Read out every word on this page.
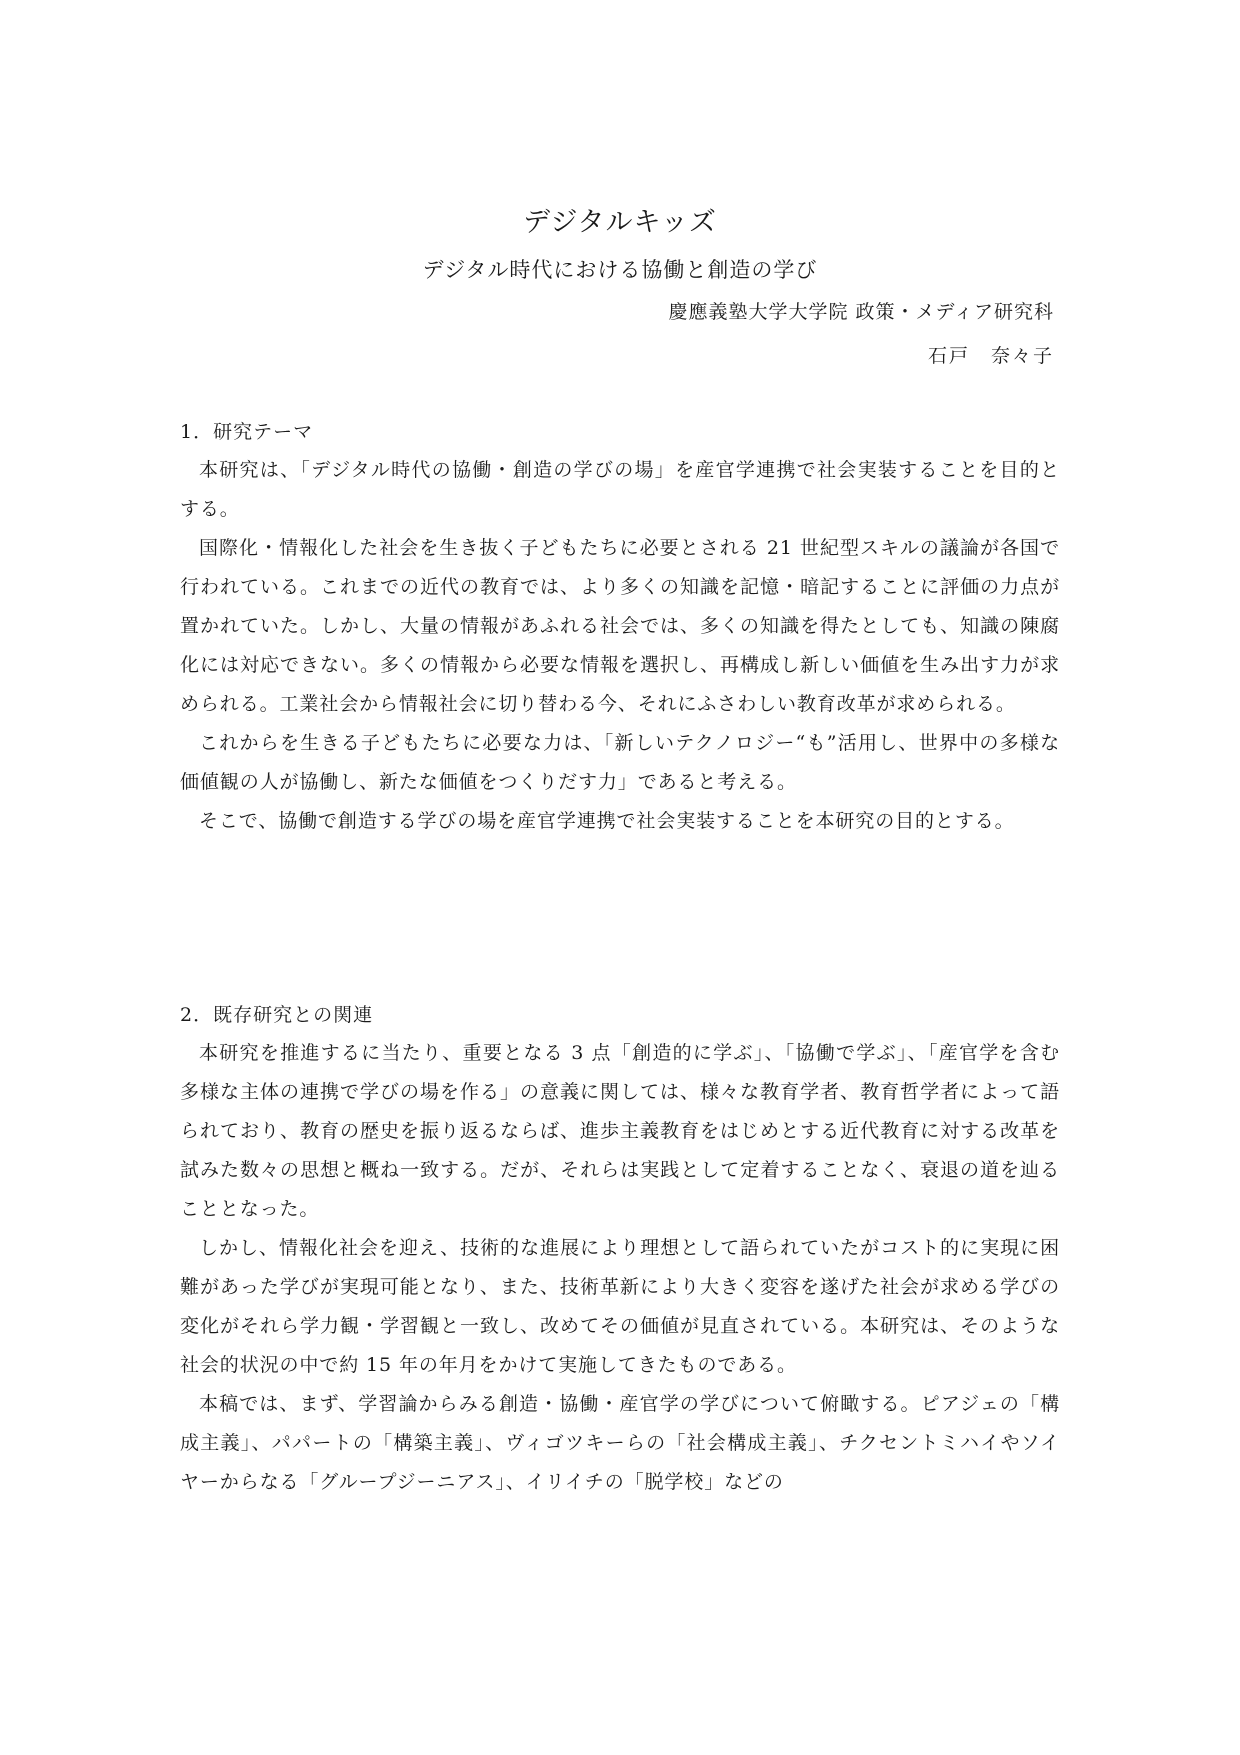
デジタルキッズ
デジタル時代における協働と創造の学び
慶應義塾大学大学院 政策・メディア研究科
石戸　奈々子
1．研究テーマ

本研究は、「デジタル時代の協働・創造の学びの場」を産官学連携で社会実装することを目的とする。

国際化・情報化した社会を生き抜く子どもたちに必要とされる 21 世紀型スキルの議論が各国で行われている。これまでの近代の教育では、より多くの知識を記憶・暗記することに評価の力点が置かれていた。しかし、大量の情報があふれる社会では、多くの知識を得たとしても、知識の陳腐化には対応できない。多くの情報から必要な情報を選択し、再構成し新しい価値を生み出す力が求められる。工業社会から情報社会に切り替わる今、それにふさわしい教育改革が求められる。

これからを生きる子どもたちに必要な力は、「新しいテクノロジー“も”活用し、世界中の多様な価値観の人が協働し、新たな価値をつくりだす力」であると考える。

そこで、協働で創造する学びの場を産官学連携で社会実装することを本研究の目的とする。

2．既存研究との関連

本研究を推進するに当たり、重要となる 3 点「創造的に学ぶ」、「協働で学ぶ」、「産官学を含む多様な主体の連携で学びの場を作る」の意義に関しては、様々な教育学者、教育哲学者によって語られており、教育の歴史を振り返るならば、進歩主義教育をはじめとする近代教育に対する改革を試みた数々の思想と概ね一致する。だが、それらは実践として定着することなく、衰退の道を辿ることとなった。

しかし、情報化社会を迎え、技術的な進展により理想として語られていたがコスト的に実現に困難があった学びが実現可能となり、また、技術革新により大きく変容を遂げた社会が求める学びの変化がそれら学力観・学習観と一致し、改めてその価値が見直されている。本研究は、そのような社会的状況の中で約 15 年の年月をかけて実施してきたものである。

本稿では、まず、学習論からみる創造・協働・産官学の学びについて俯瞰する。ピアジェの「構成主義」、パパートの「構築主義」、ヴィゴツキーらの「社会構成主義」、チクセントミハイやソイヤーからなる「グループジーニアス」、イリイチの「脱学校」などの
